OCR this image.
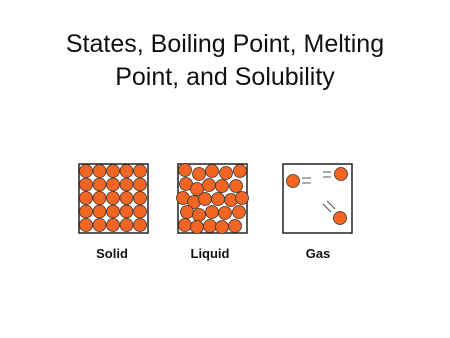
States, Boiling Point, Melting
Point, and Solubility
Solid	Liquid	Gas
